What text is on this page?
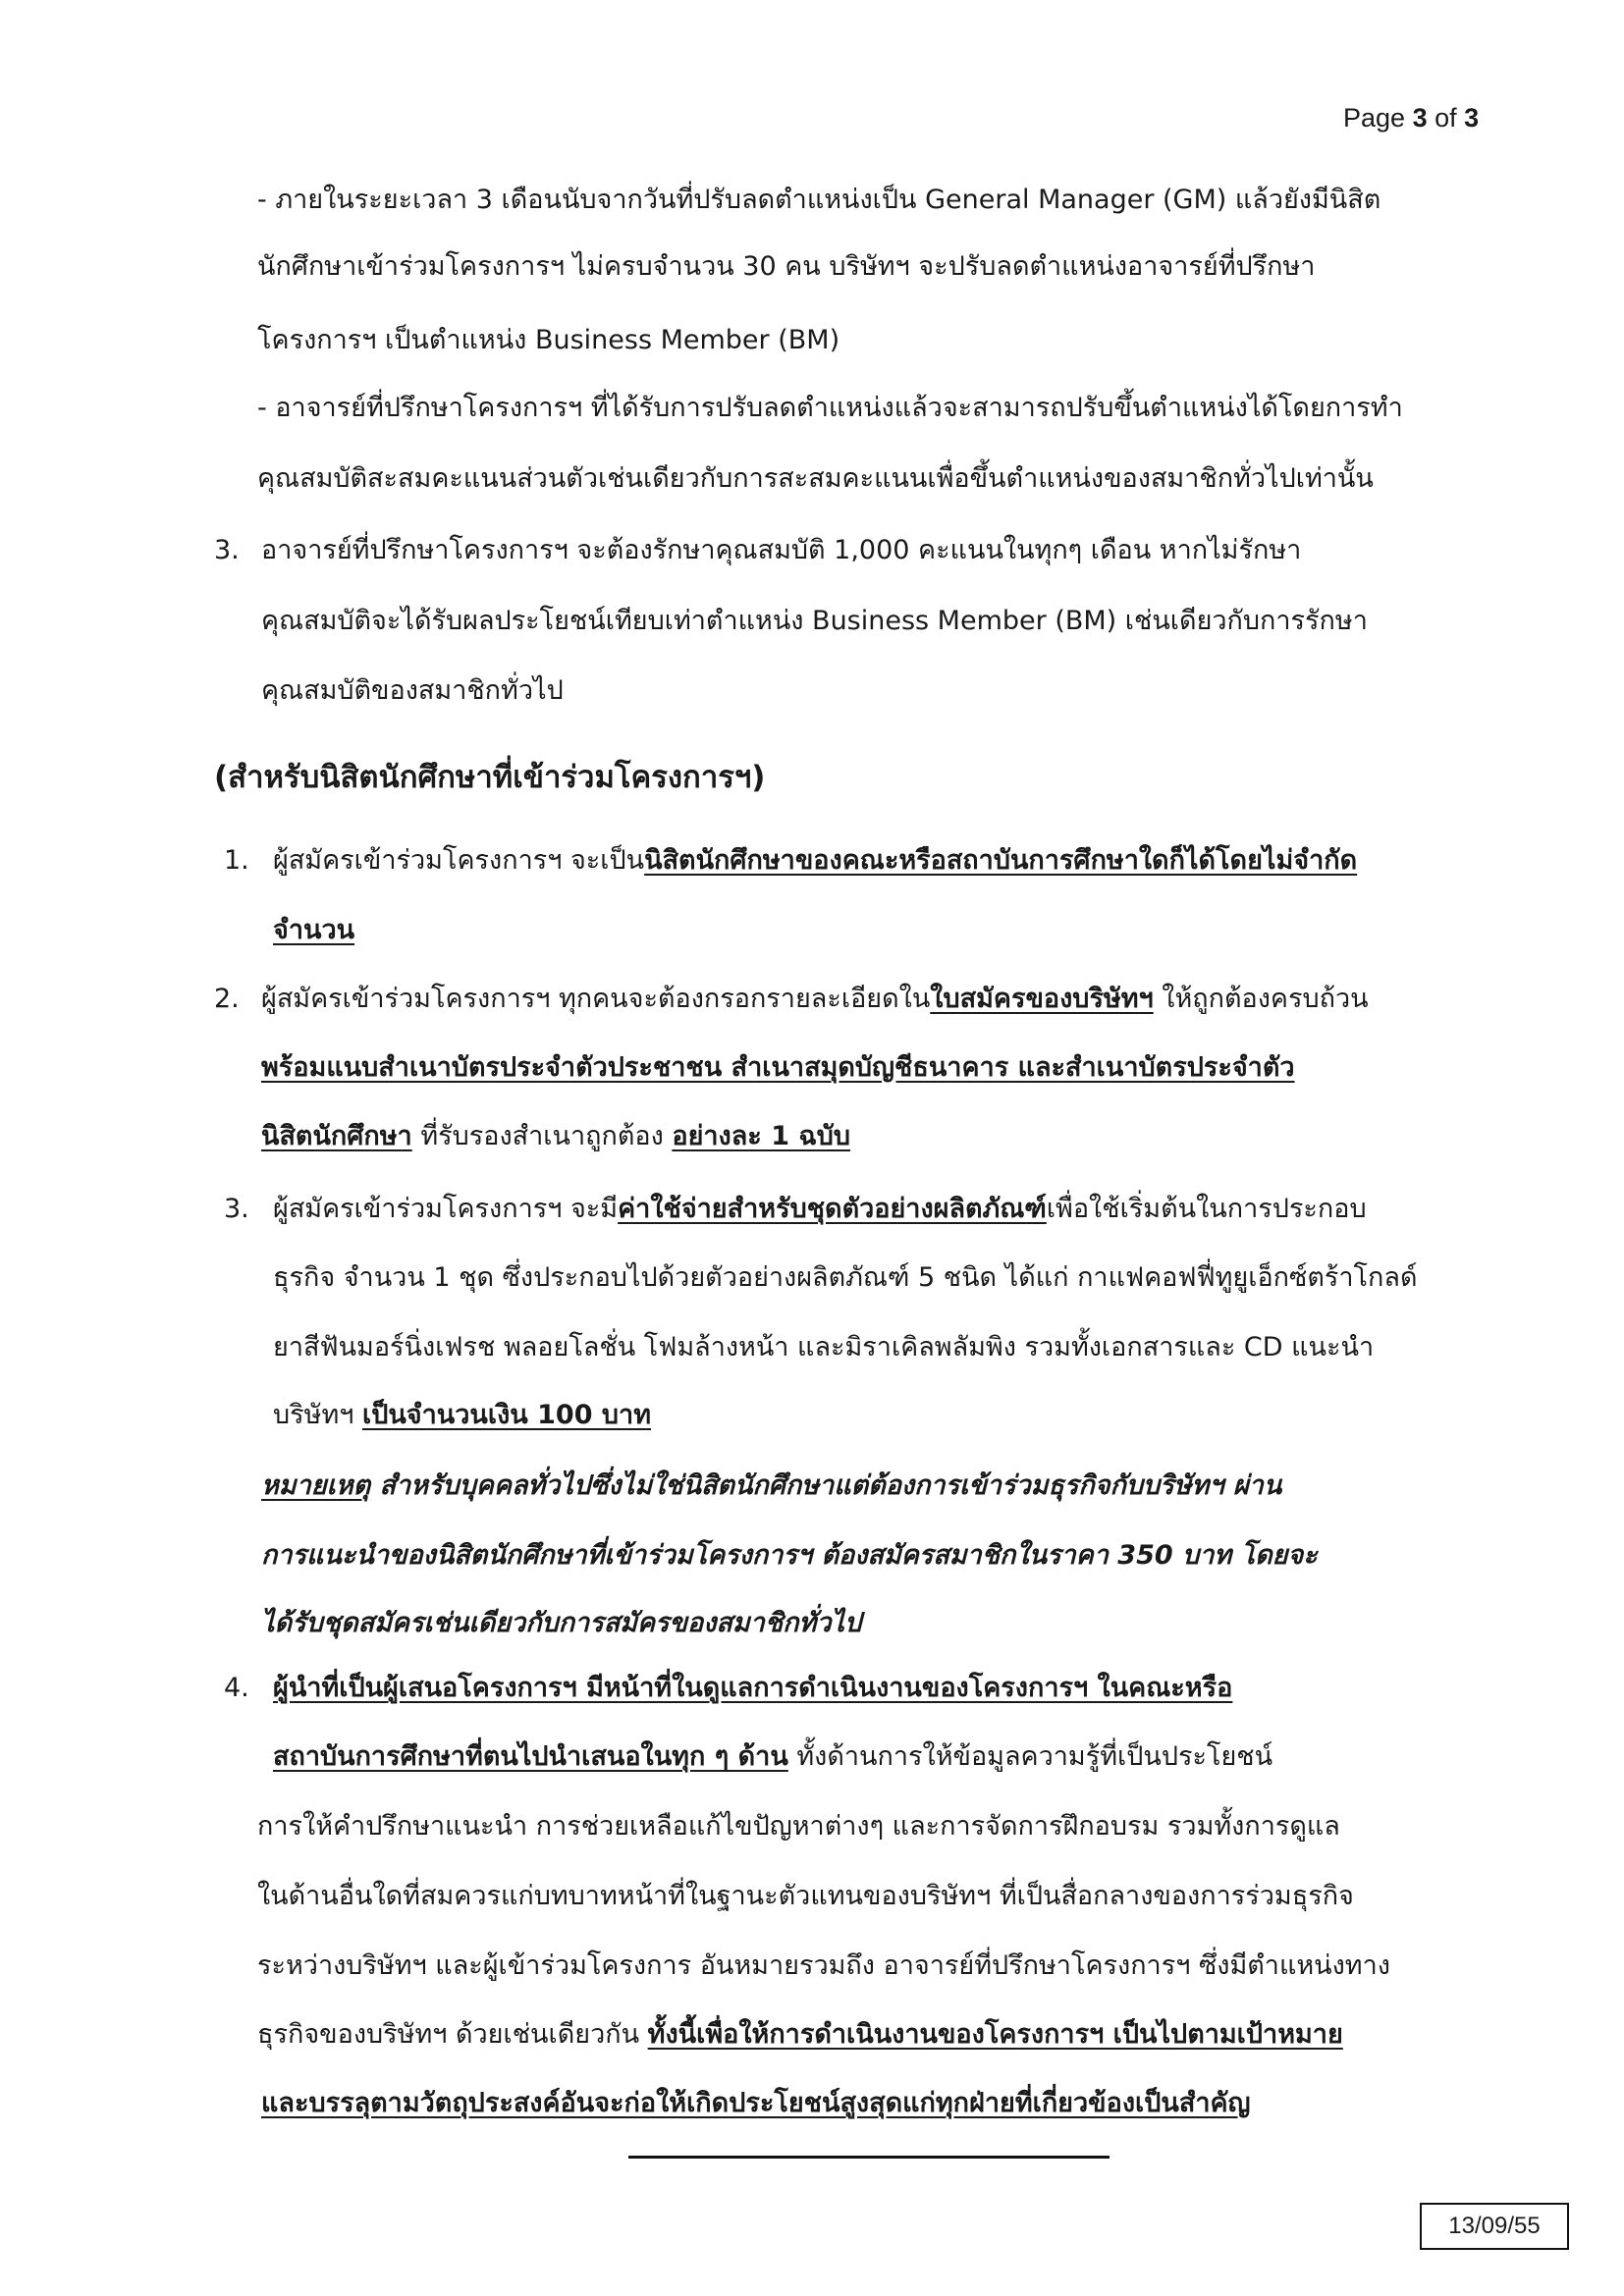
Page 3 of 3
- ภายในระยะเวลา 3 เดือนนับจากวันที่ปรับลดตำแหน่งเป็น General Manager (GM) แล้วยังมีนิสิต
นักศึกษาเข้าร่วมโครงการฯ ไม่ครบจำนวน 30 คน บริษัทฯ จะปรับลดตำแหน่งอาจารย์ที่ปรึกษา
โครงการฯ เป็นตำแหน่ง Business Member (BM)
- อาจารย์ที่ปรึกษาโครงการฯ ที่ได้รับการปรับลดตำแหน่งแล้วจะสามารถปรับขึ้นตำแหน่งได้โดยการทำ
คุณสมบัติสะสมคะแนนส่วนตัวเช่นเดียวกับการสะสมคะแนนเพื่อขึ้นตำแหน่งของสมาชิกทั่วไปเท่านั้น
3. อาจารย์ที่ปรึกษาโครงการฯ จะต้องรักษาคุณสมบัติ 1,000 คะแนนในทุกๆ เดือน หากไม่รักษา
คุณสมบัติจะได้รับผลประโยชน์เทียบเท่าตำแหน่ง Business Member (BM) เช่นเดียวกับการรักษา
คุณสมบัติของสมาชิกทั่วไป
(สำหรับนิสิตนักศึกษาที่เข้าร่วมโครงการฯ)
1. ผู้สมัครเข้าร่วมโครงการฯ จะเป็นนิสิตนักศึกษาของคณะหรือสถาบันการศึกษาใดก็ได้โดยไม่จำกัด
จำนวน
2. ผู้สมัครเข้าร่วมโครงการฯ ทุกคนจะต้องกรอกรายละเอียดในใบสมัครของบริษัทฯ ให้ถูกต้องครบถ้วน
พร้อมแนบสำเนาบัตรประจำตัวประชาชน สำเนาสมุดบัญชีธนาคาร และสำเนาบัตรประจำตัว
นิสิตนักศึกษา ที่รับรองสำเนาถูกต้อง อย่างละ 1 ฉบับ
3. ผู้สมัครเข้าร่วมโครงการฯ จะมีค่าใช้จ่ายสำหรับชุดตัวอย่างผลิตภัณฑ์เพื่อใช้เริ่มต้นในการประกอบ
ธุรกิจ จำนวน 1 ชุด ซึ่งประกอบไปด้วยตัวอย่างผลิตภัณฑ์ 5 ชนิด ได้แก่ กาแฟคอฟฟี่ทูยูเอ็กซ์ตร้าโกลด์
ยาสีฟันมอร์นิ่งเฟรช พลอยโลชั่น โฟมล้างหน้า และมิราเคิลพลัมพิง รวมทั้งเอกสารและ CD แนะนำ
บริษัทฯ เป็นจำนวนเงิน 100 บาท
หมายเหตุ สำหรับบุคคลทั่วไปซึ่งไม่ใช่นิสิตนักศึกษาแต่ต้องการเข้าร่วมธุรกิจกับบริษัทฯ ผ่าน
การแนะนำของนิสิตนักศึกษาที่เข้าร่วมโครงการฯ ต้องสมัครสมาชิกในราคา 350 บาท โดยจะ
ได้รับชุดสมัครเช่นเดียวกับการสมัครของสมาชิกทั่วไป
4. ผู้นำที่เป็นผู้เสนอโครงการฯ มีหน้าที่ในดูแลการดำเนินงานของโครงการฯ ในคณะหรือ
สถาบันการศึกษาที่ตนไปนำเสนอในทุก ๆ ด้าน ทั้งด้านการให้ข้อมูลความรู้ที่เป็นประโยชน์
การให้คำปรึกษาแนะนำ การช่วยเหลือแก้ไขปัญหาต่างๆ และการจัดการฝึกอบรม รวมทั้งการดูแล
ในด้านอื่นใดที่สมควรแก่บทบาทหน้าที่ในฐานะตัวแทนของบริษัทฯ ที่เป็นสื่อกลางของการร่วมธุรกิจ
ระหว่างบริษัทฯ และผู้เข้าร่วมโครงการ อันหมายรวมถึง อาจารย์ที่ปรึกษาโครงการฯ ซึ่งมีตำแหน่งทาง
ธุรกิจของบริษัทฯ ด้วยเช่นเดียวกัน ทั้งนี้เพื่อให้การดำเนินงานของโครงการฯ เป็นไปตามเป้าหมาย
และบรรลุตามวัตถุประสงค์อันจะก่อให้เกิดประโยชน์สูงสุดแก่ทุกฝ่ายที่เกี่ยวข้องเป็นสำคัญ
13/09/55
